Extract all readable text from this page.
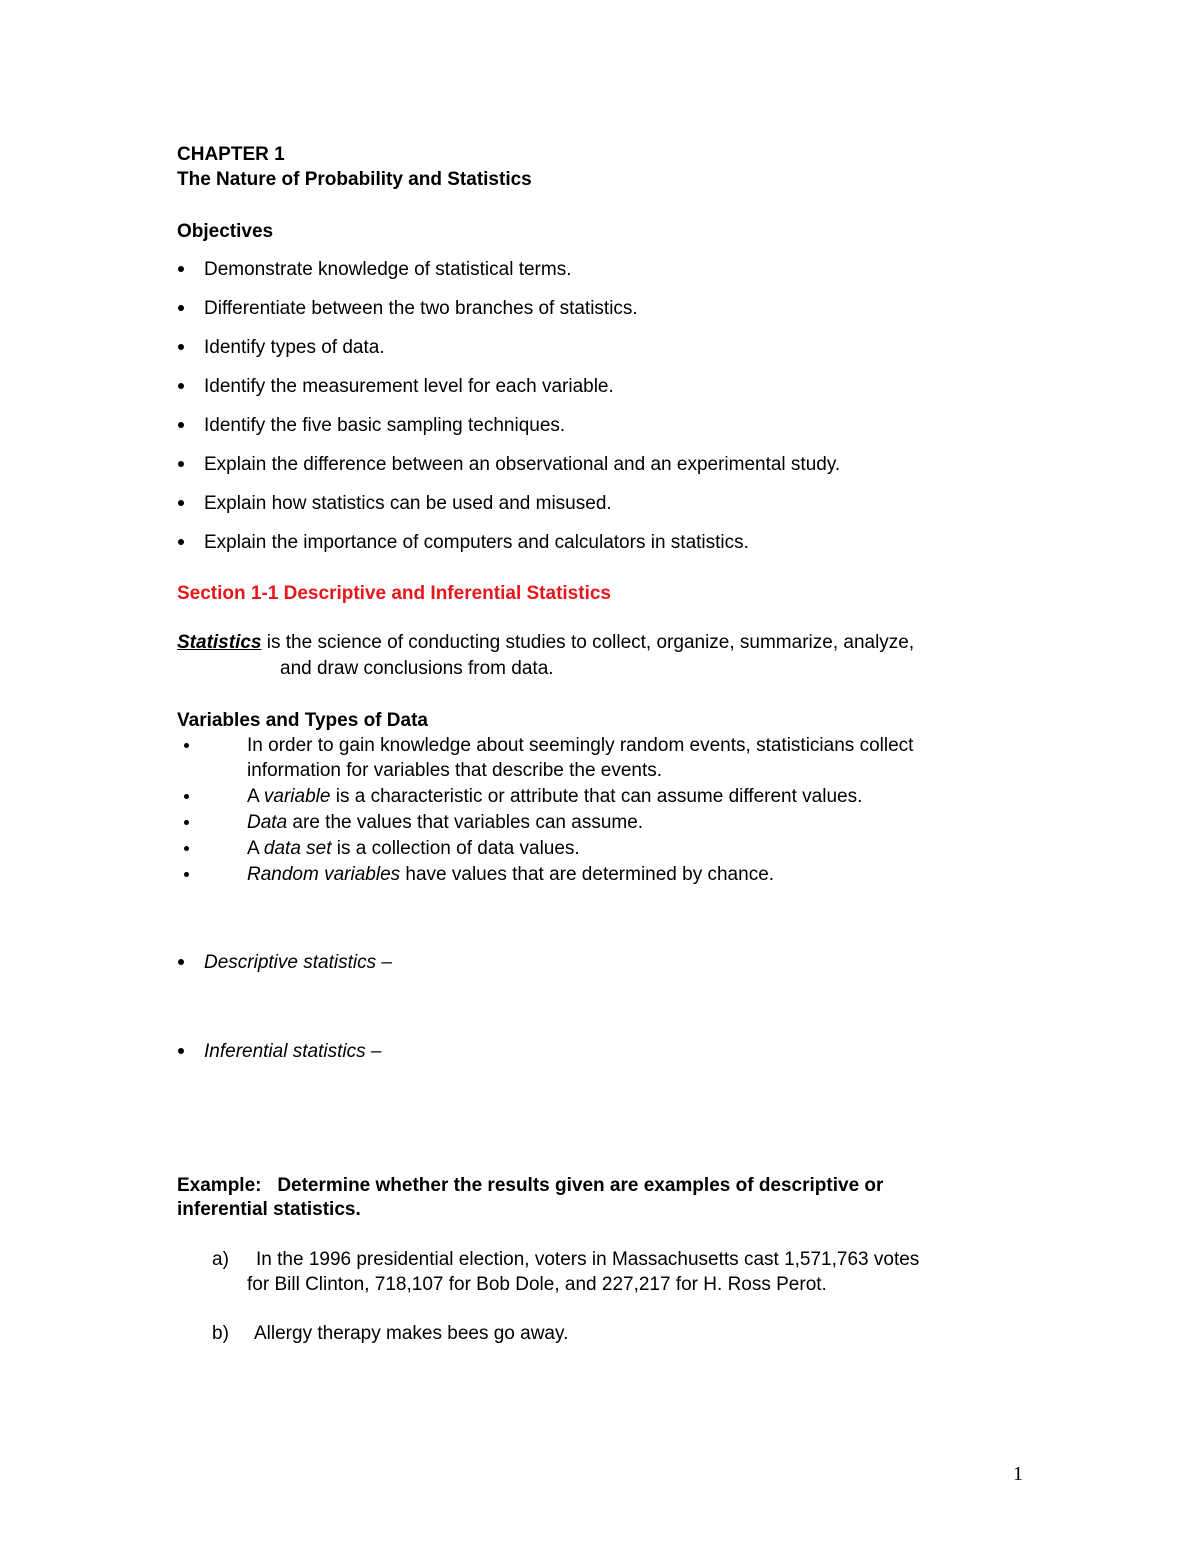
CHAPTER 1
The Nature of Probability and Statistics
Objectives
Demonstrate knowledge of statistical terms.
Differentiate between the two branches of statistics.
Identify types of data.
Identify the measurement level for each variable.
Identify the five basic sampling techniques.
Explain the difference between an observational and an experimental study.
Explain how statistics can be used and misused.
Explain the importance of computers and calculators in statistics.
Section 1-1 Descriptive and Inferential Statistics
Statistics is the science of conducting studies to collect, organize, summarize, analyze,
and draw conclusions from data.
Variables and Types of Data
In order to gain knowledge about seemingly random events, statisticians collect
information for variables that describe the events.
A variable is a characteristic or attribute that can assume different values.
Data are the values that variables can assume.
A data set is a collection of data values.
Random variables have values that are determined by chance.
Descriptive statistics –
Inferential statistics –
Example:   Determine whether the results given are examples of descriptive or
inferential statistics.
a) In the 1996 presidential election, voters in Massachusetts cast 1,571,763 votes
for Bill Clinton, 718,107 for Bob Dole, and 227,217 for H. Ross Perot.
b) Allergy therapy makes bees go away.
1
